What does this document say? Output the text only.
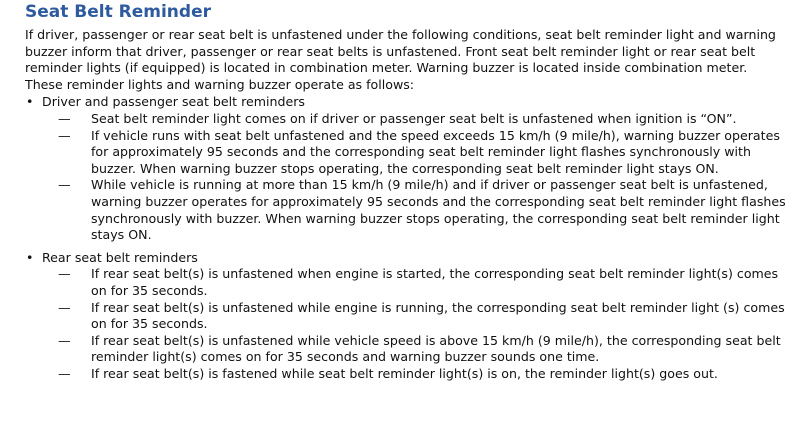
Seat Belt Reminder

If driver, passenger or rear seat belt is unfastened under the following conditions, seat belt reminder light and warning buzzer inform that driver, passenger or rear seat belts is unfastened. Front seat belt reminder light or rear seat belt reminder lights (if equipped) is located in combination meter. Warning buzzer is located inside combination meter.

These reminder lights and warning buzzer operate as follows:

• Driver and passenger seat belt reminders
— Seat belt reminder light comes on if driver or passenger seat belt is unfastened when ignition is “ON”.
— If vehicle runs with seat belt unfastened and the speed exceeds 15 km/h (9 mile/h), warning buzzer operates for approximately 95 seconds and the corresponding seat belt reminder light flashes synchronously with buzzer. When warning buzzer stops operating, the corresponding seat belt reminder light stays ON.
— While vehicle is running at more than 15 km/h (9 mile/h) and if driver or passenger seat belt is unfastened, warning buzzer operates for approximately 95 seconds and the corresponding seat belt reminder light flashes synchronously with buzzer. When warning buzzer stops operating, the corresponding seat belt reminder light stays ON.
• Rear seat belt reminders
— If rear seat belt(s) is unfastened when engine is started, the corresponding seat belt reminder light(s) comes on for 35 seconds.
— If rear seat belt(s) is unfastened while engine is running, the corresponding seat belt reminder light (s) comes on for 35 seconds.
— If rear seat belt(s) is unfastened while vehicle speed is above 15 km/h (9 mile/h), the corresponding seat belt reminder light(s) comes on for 35 seconds and warning buzzer sounds one time.
— If rear seat belt(s) is fastened while seat belt reminder light(s) is on, the reminder light(s) goes out.
